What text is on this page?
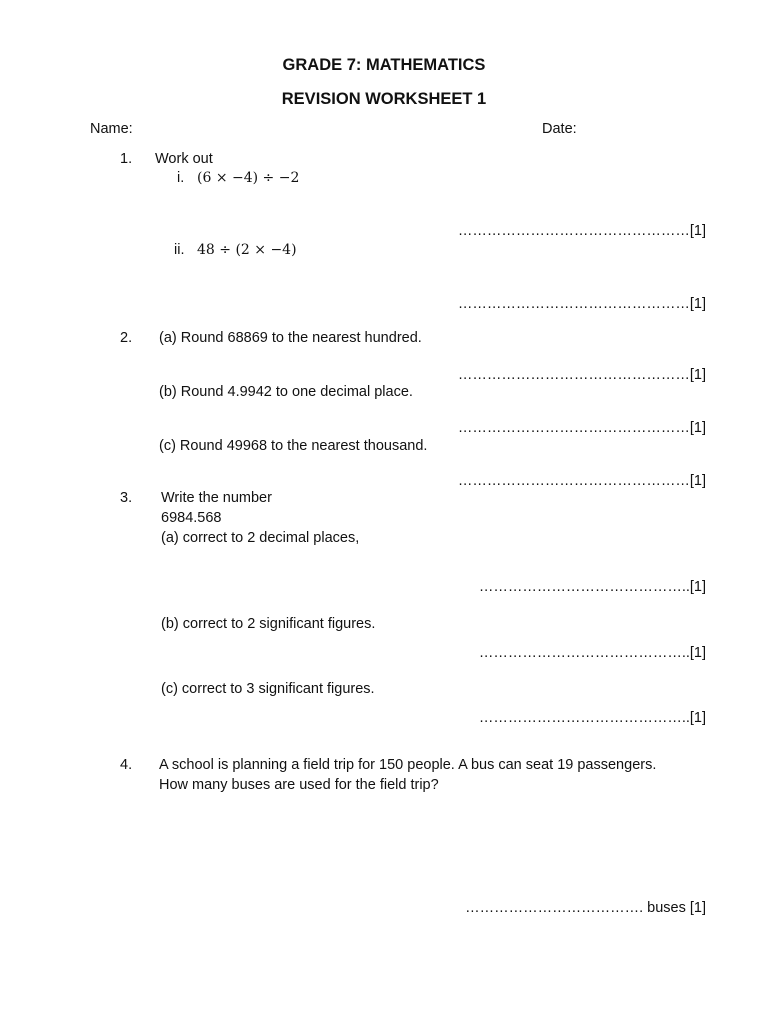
GRADE 7: MATHEMATICS
REVISION WORKSHEET 1
Name:	Date:
1. Work out
i. (6 × −4) ÷ −2
…………………………………………[1]
ii. 48 ÷ (2 × −4)
…………………………………………[1]
2. (a) Round 68869 to the nearest hundred.
…………………………………………[1]
(b) Round 4.9942 to one decimal place.
…………………………………………[1]
(c) Round 49968 to the nearest thousand.
…………………………………………[1]
3. Write the number
6984.568
(a) correct to 2 decimal places,
……………………………………..[1]
(b) correct to 2 significant figures.
……………………………………..[1]
(c) correct to 3 significant figures.
……………………………………..[1]
4. A school is planning a field trip for 150 people. A bus can seat 19 passengers.
How many buses are used for the field trip?
………………………………. buses [1]
